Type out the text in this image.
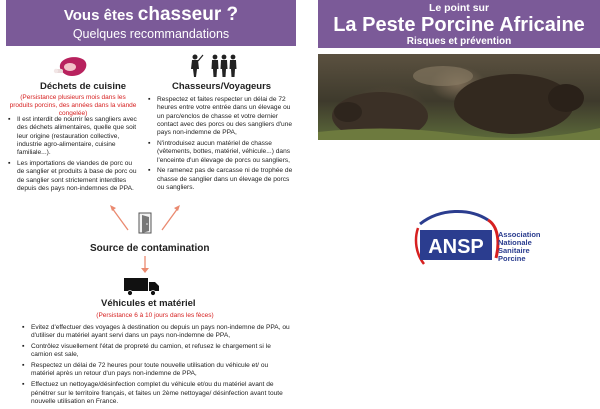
Vous êtes chasseur ?
Quelques recommandations
Déchets de cuisine
(Persistance plusieurs mois dans les produits porcins, des années dans la viande congelée)
▪ Il est interdit de nourrir les sangliers avec des déchets alimentaires, quelle que soit leur origine (restauration collective, industrie agro-alimentaire, cuisine familiale...).
▪ Les importations de viandes de porc ou de sanglier et produits à base de porc ou de sanglier sont strictement interdites depuis des pays non-indemnes de PPA.
Chasseurs/Voyageurs
▪ Respectez et faites respecter un délai de 72 heures entre votre entrée dans un élevage ou un parc/enclos de chasse et votre dernier contact avec des porcs ou des sangliers d'une pays non-indemne de PPA,
▪ N'introduisez aucun matériel de chasse (vêtements, bottes, matériel, véhicule...) dans l'enceinte d'un élevage de porcs ou sangliers,
▪ Ne ramenez pas de carcasse ni de trophée de chasse de sanglier dans un élevage de porcs ou sangliers.
Source de contamination
Véhicules et matériel
(Persistance 6 à 10 jours dans les fèces)
▪ Evitez d'effectuer des voyages à destination ou depuis un pays non-indemne de PPA, ou d'utiliser du matériel ayant servi dans un pays non-indemne de PPA,
▪ Contrôlez visuellement l'état de propreté du camion, et refusez le chargement si le camion est sale,
▪ Respectez un délai de 72 heures pour toute nouvelle utilisation du véhicule et/ ou matériel après un retour d'un pays non-indemne de PPA,
▪ Effectuez un nettoyage/désinfection complet du véhicule et/ou du matériel avant de pénétrer sur le territoire français, et faites un 2ème nettoyage/ désinfection avant toute nouvelle utilisation en France.
Le point sur
La Peste Porcine Africaine
Risques et prévention
ANSP
Association
Nationale
Sanitaire
Porcine
